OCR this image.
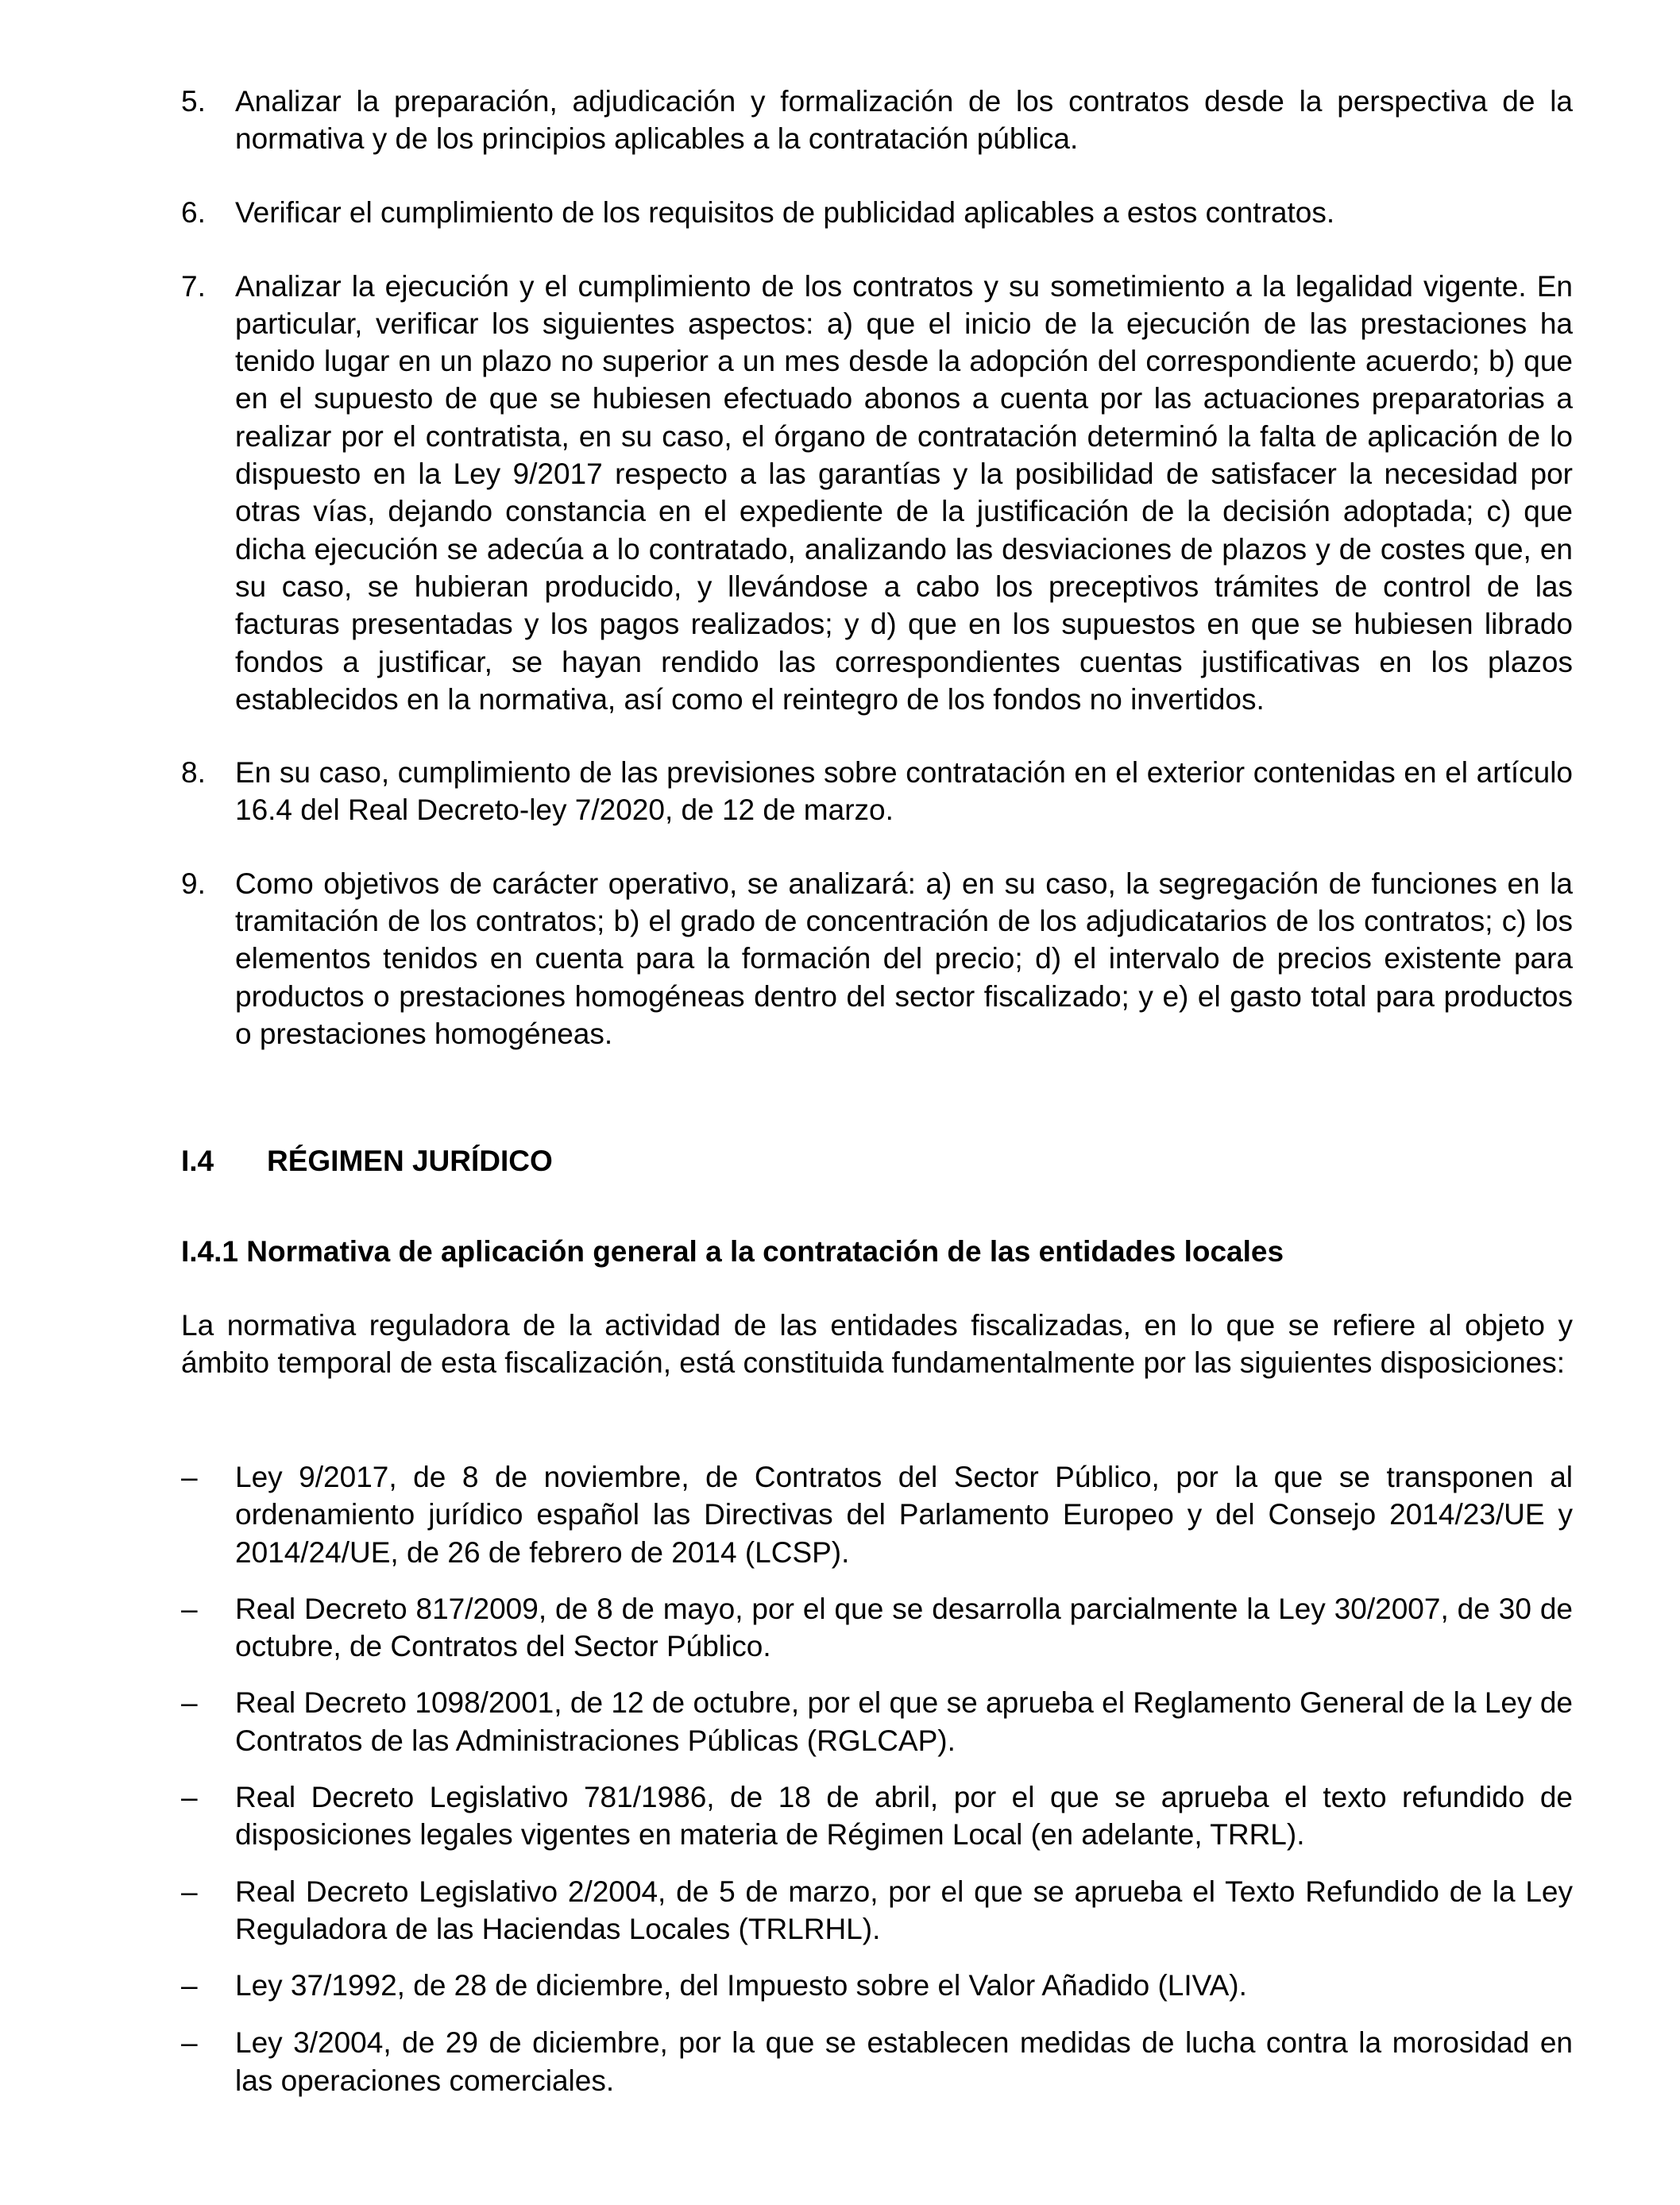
5.	Analizar la preparación, adjudicación y formalización de los contratos desde la perspectiva de la normativa y de los principios aplicables a la contratación pública.
6.	Verificar el cumplimiento de los requisitos de publicidad aplicables a estos contratos.
7.	Analizar la ejecución y el cumplimiento de los contratos y su sometimiento a la legalidad vigente. En particular, verificar los siguientes aspectos: a) que el inicio de la ejecución de las prestaciones ha tenido lugar en un plazo no superior a un mes desde la adopción del correspondiente acuerdo; b) que en el supuesto de que se hubiesen efectuado abonos a cuenta por las actuaciones preparatorias a realizar por el contratista, en su caso, el órgano de contratación determinó la falta de aplicación de lo dispuesto en la Ley 9/2017 respecto a las garantías y la posibilidad de satisfacer la necesidad por otras vías, dejando constancia en el expediente de la justificación de la decisión adoptada; c) que dicha ejecución se adecúa a lo contratado, analizando las desviaciones de plazos y de costes que, en su caso, se hubieran producido, y llevándose a cabo los preceptivos trámites de control de las facturas presentadas y los pagos realizados; y d) que en los supuestos en que se hubiesen librado fondos a justificar, se hayan rendido las correspondientes cuentas justificativas en los plazos establecidos en la normativa, así como el reintegro de los fondos no invertidos.
8.	En su caso, cumplimiento de las previsiones sobre contratación en el exterior contenidas en el artículo 16.4 del Real Decreto-ley 7/2020, de 12 de marzo.
9.	Como objetivos de carácter operativo, se analizará: a) en su caso, la segregación de funciones en la tramitación de los contratos; b) el grado de concentración de los adjudicatarios de los contratos; c) los elementos tenidos en cuenta para la formación del precio; d) el intervalo de precios existente para productos o prestaciones homogéneas dentro del sector fiscalizado; y e) el gasto total para productos o prestaciones homogéneas.
I.4	RÉGIMEN JURÍDICO
I.4.1 Normativa de aplicación general a la contratación de las entidades locales
La normativa reguladora de la actividad de las entidades fiscalizadas, en lo que se refiere al objeto y ámbito temporal de esta fiscalización, está constituida fundamentalmente por las siguientes disposiciones:
–	Ley 9/2017, de 8 de noviembre, de Contratos del Sector Público, por la que se transponen al ordenamiento jurídico español las Directivas del Parlamento Europeo y del Consejo 2014/23/UE y 2014/24/UE, de 26 de febrero de 2014 (LCSP).
–	Real Decreto 817/2009, de 8 de mayo, por el que se desarrolla parcialmente la Ley 30/2007, de 30 de octubre, de Contratos del Sector Público.
–	Real Decreto 1098/2001, de 12 de octubre, por el que se aprueba el Reglamento General de la Ley de Contratos de las Administraciones Públicas (RGLCAP).
–	Real Decreto Legislativo 781/1986, de 18 de abril, por el que se aprueba el texto refundido de disposiciones legales vigentes en materia de Régimen Local (en adelante, TRRL).
–	Real Decreto Legislativo 2/2004, de 5 de marzo, por el que se aprueba el Texto Refundido de la Ley Reguladora de las Haciendas Locales (TRLRHL).
–	Ley 37/1992, de 28 de diciembre, del Impuesto sobre el Valor Añadido (LIVA).
–	Ley 3/2004, de 29 de diciembre, por la que se establecen medidas de lucha contra la morosidad en las operaciones comerciales.
